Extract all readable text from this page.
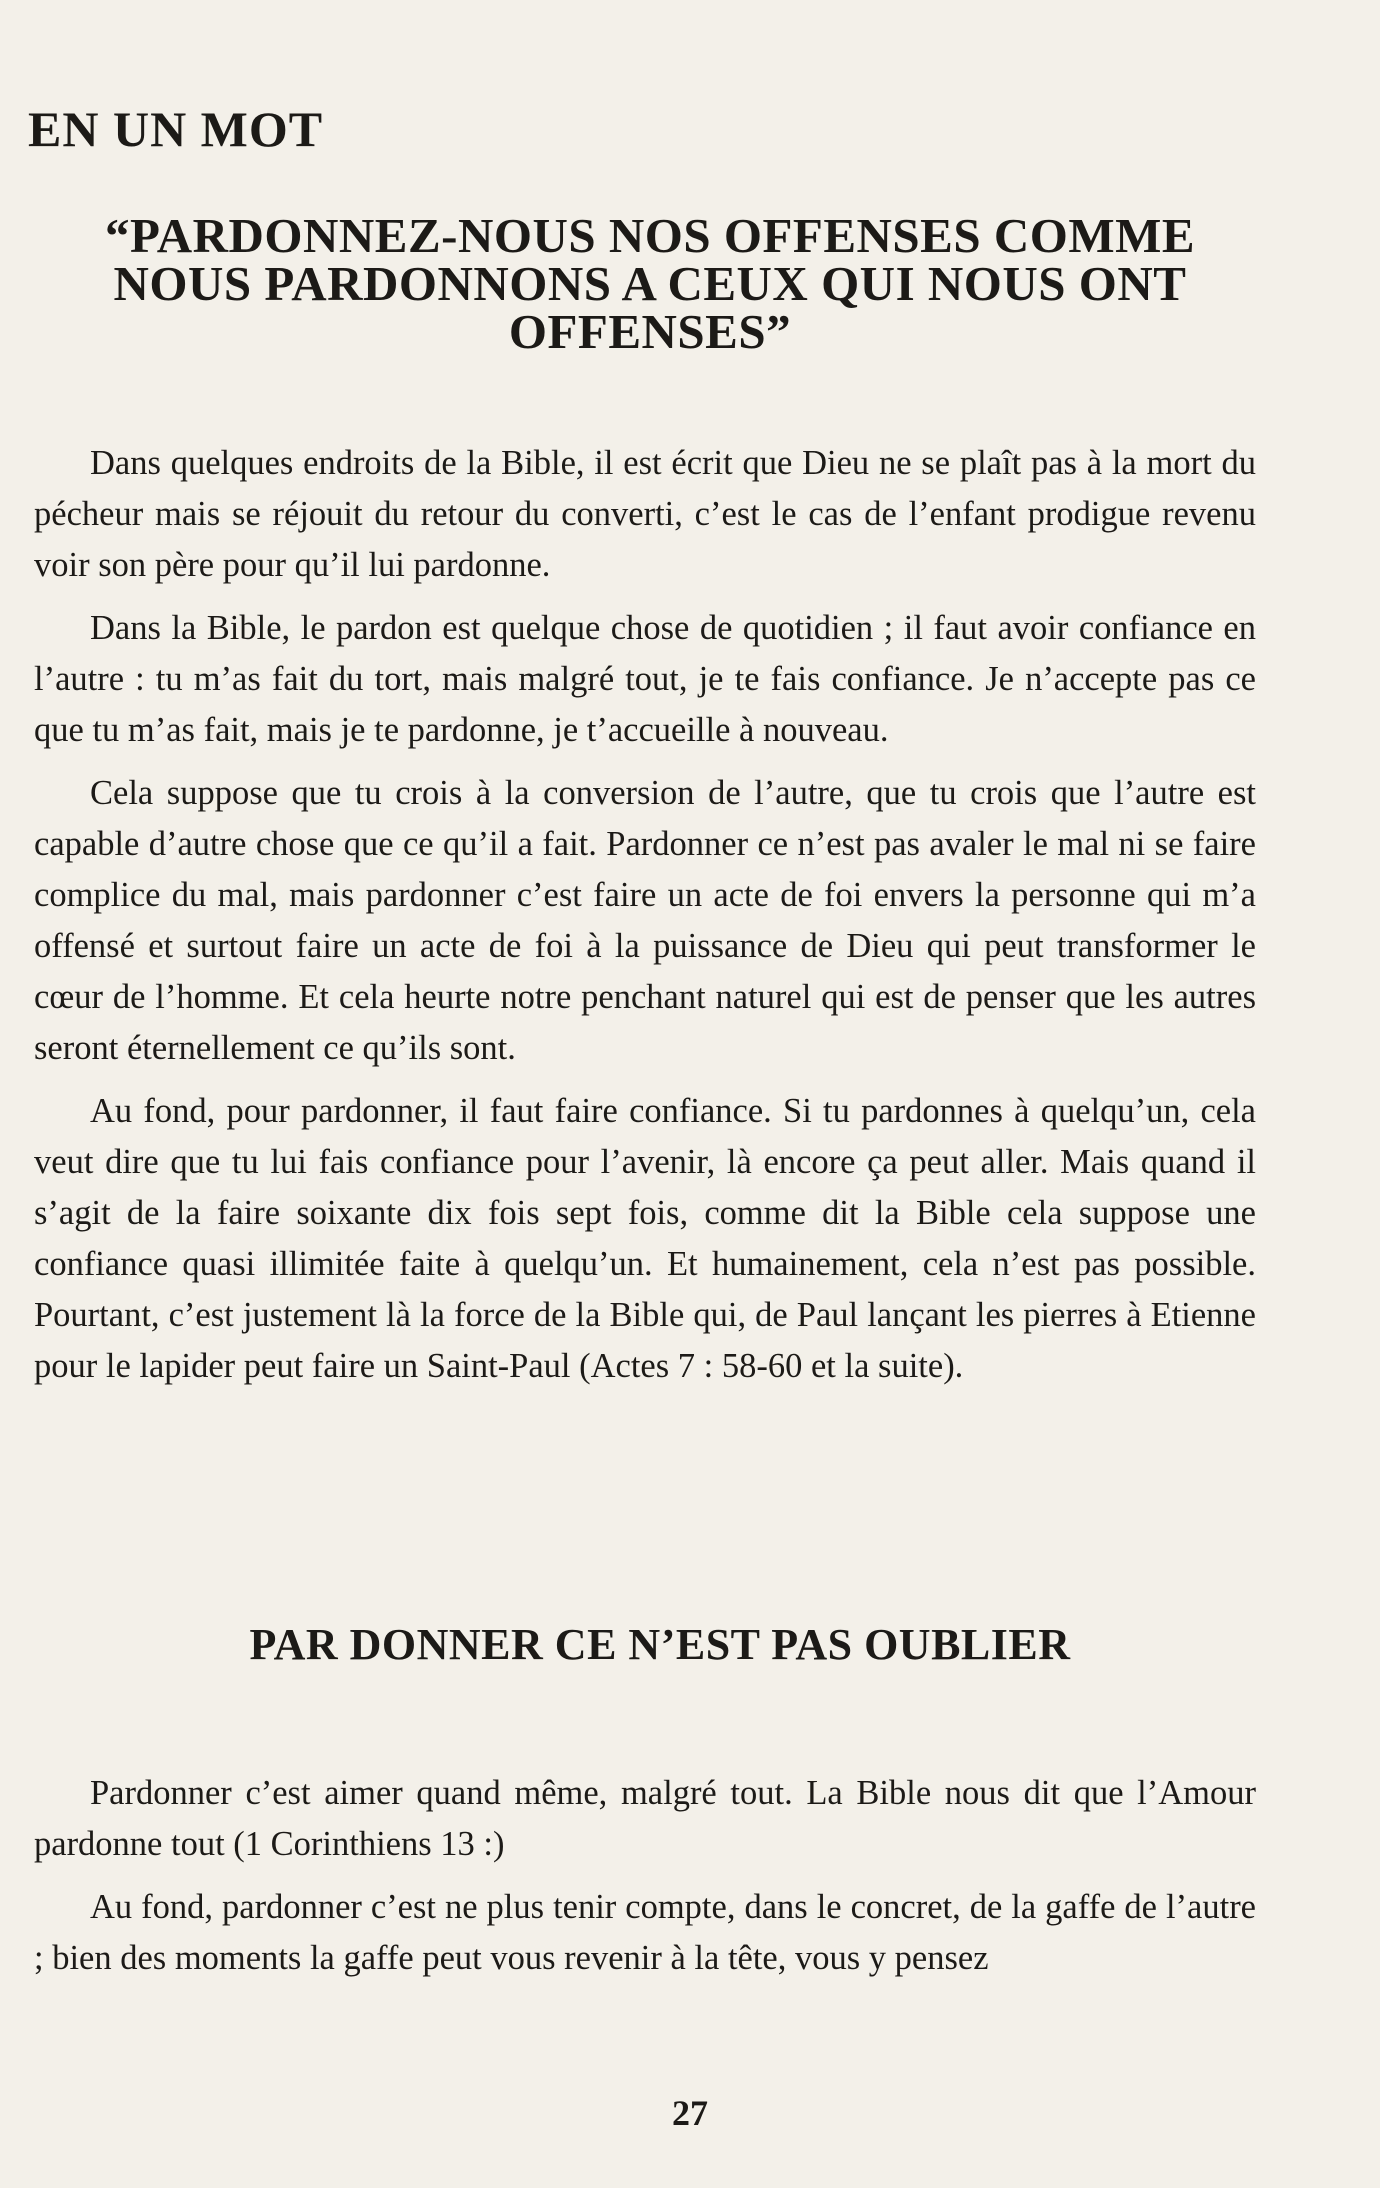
EN UN MOT
“PARDONNEZ-NOUS NOS OFFENSES COMME NOUS PARDONNONS A CEUX QUI NOUS ONT OFFENSES”

Dans quelques endroits de la Bible, il est écrit que Dieu ne se plaît pas à la mort du pécheur mais se réjouit du retour du converti, c’est le cas de l’enfant prodigue revenu voir son père pour qu’il lui pardonne.

Dans la Bible, le pardon est quelque chose de quotidien ; il faut avoir confiance en l’autre : tu m’as fait du tort, mais malgré tout, je te fais confiance. Je n’accepte pas ce que tu m’as fait, mais je te pardonne, je t’accueille à nouveau.

Cela suppose que tu crois à la conversion de l’autre, que tu crois que l’autre est capable d’autre chose que ce qu’il a fait. Pardonner ce n’est pas avaler le mal ni se faire complice du mal, mais pardonner c’est faire un acte de foi envers la personne qui m’a offensé et surtout faire un acte de foi à la puissance de Dieu qui peut transformer le cœur de l’homme. Et cela heurte notre penchant naturel qui est de penser que les autres seront éternellement ce qu’ils sont.

Au fond, pour pardonner, il faut faire confiance. Si tu pardonnes à quelqu’un, cela veut dire que tu lui fais confiance pour l’avenir, là encore ça peut aller. Mais quand il s’agit de la faire soixante dix fois sept fois, comme dit la Bible cela suppose une confiance quasi illimitée faite à quelqu’un. Et humainement, cela n’est pas possible. Pourtant, c’est justement là la force de la Bible qui, de Paul lançant les pierres à Etienne pour le lapider peut faire un Saint-Paul (Actes 7 : 58-60 et la suite).

PAR DONNER CE N’EST PAS OUBLIER

Pardonner c’est aimer quand même, malgré tout. La Bible nous dit que l’Amour pardonne tout (1 Corinthiens 13 :)

Au fond, pardonner c’est ne plus tenir compte, dans le concret, de la gaffe de l’autre ; bien des moments la gaffe peut vous revenir à la tête, vous y pensez

27
